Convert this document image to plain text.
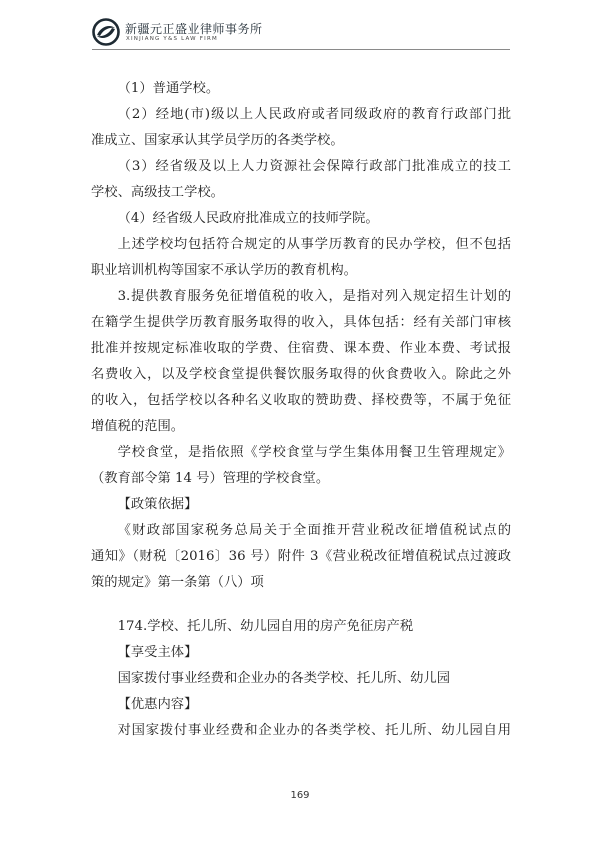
新疆元正盛业律师事务所
XINJIANG Y&S LAW FIRM
（1）普通学校。
（2）经地(市)级以上人民政府或者同级政府的教育行政部门批
准成立、国家承认其学员学历的各类学校。
（3）经省级及以上人力资源社会保障行政部门批准成立的技工
学校、高级技工学校。
（4）经省级人民政府批准成立的技师学院。
上述学校均包括符合规定的从事学历教育的民办学校，但不包括
职业培训机构等国家不承认学历的教育机构。
3.提供教育服务免征增值税的收入，是指对列入规定招生计划的
在籍学生提供学历教育服务取得的收入，具体包括：经有关部门审核
批准并按规定标准收取的学费、住宿费、课本费、作业本费、考试报
名费收入，以及学校食堂提供餐饮服务取得的伙食费收入。除此之外
的收入，包括学校以各种名义收取的赞助费、择校费等，不属于免征
增值税的范围。
学校食堂，是指依照《学校食堂与学生集体用餐卫生管理规定》
（教育部令第 14 号）管理的学校食堂。
【政策依据】
《财政部国家税务总局关于全面推开营业税改征增值税试点的
通知》（财税〔2016〕36 号）附件 3《营业税改征增值税试点过渡政
策的规定》第一条第（八）项
174.学校、托儿所、幼儿园自用的房产免征房产税
【享受主体】
国家拨付事业经费和企业办的各类学校、托儿所、幼儿园
【优惠内容】
对国家拨付事业经费和企业办的各类学校、托儿所、幼儿园自用
169
